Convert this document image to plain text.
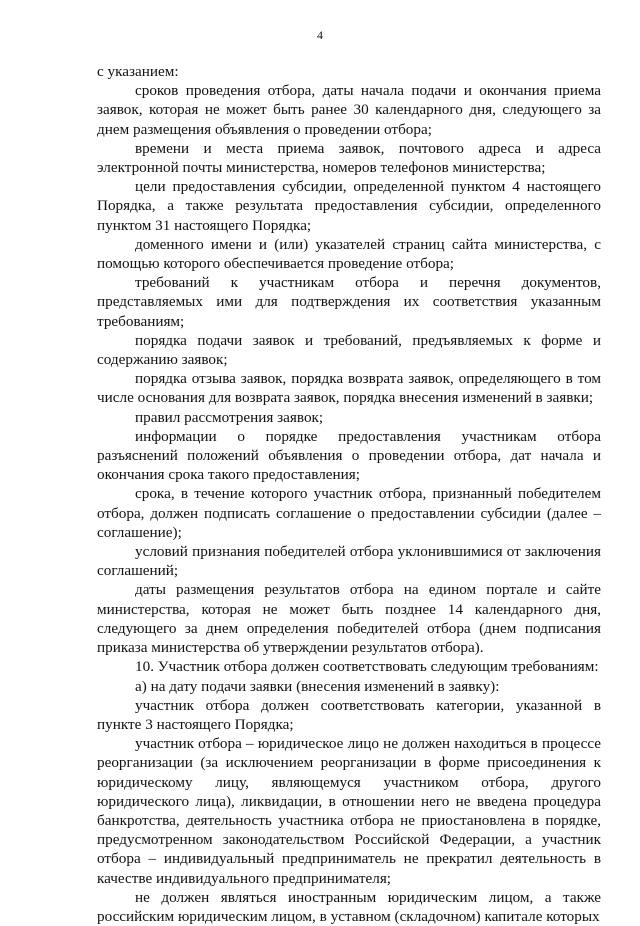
4

с указанием:

сроков проведения отбора, даты начала подачи и окончания приема заявок, которая не может быть ранее 30 календарного дня, следующего за днем размещения объявления о проведении отбора;

времени и места приема заявок, почтового адреса и адреса электронной почты министерства, номеров телефонов министерства;

цели предоставления субсидии, определенной пунктом 4 настоящего Порядка, а также результата предоставления субсидии, определенного пунктом 31 настоящего Порядка;

доменного имени и (или) указателей страниц сайта министерства, с помощью которого обеспечивается проведение отбора;

требований к участникам отбора и перечня документов, представляемых ими для подтверждения их соответствия указанным требованиям;

порядка подачи заявок и требований, предъявляемых к форме и содержанию заявок;

порядка отзыва заявок, порядка возврата заявок, определяющего в том числе основания для возврата заявок, порядка внесения изменений в заявки;

правил рассмотрения заявок;

информации о порядке предоставления участникам отбора разъяснений положений объявления о проведении отбора, дат начала и окончания срока такого предоставления;

срока, в течение которого участник отбора, признанный победителем отбора, должен подписать соглашение о предоставлении субсидии (далее – соглашение);

условий признания победителей отбора уклонившимися от заключения соглашений;

даты размещения результатов отбора на едином портале и сайте министерства, которая не может быть позднее 14 календарного дня, следующего за днем определения победителей отбора (днем подписания приказа министерства об утверждении результатов отбора).

10. Участник отбора должен соответствовать следующим требованиям:

а) на дату подачи заявки (внесения изменений в заявку):

участник отбора должен соответствовать категории, указанной в пункте 3 настоящего Порядка;

участник отбора – юридическое лицо не должен находиться в процессе реорганизации (за исключением реорганизации в форме присоединения к юридическому лицу, являющемуся участником отбора, другого юридического лица), ликвидации, в отношении него не введена процедура банкротства, деятельность участника отбора не приостановлена в порядке, предусмотренном законодательством Российской Федерации, а участник отбора – индивидуальный предприниматель не прекратил деятельность в качестве индивидуального предпринимателя;

не должен являться иностранным юридическим лицом, а также российским юридическим лицом, в уставном (складочном) капитале которых
